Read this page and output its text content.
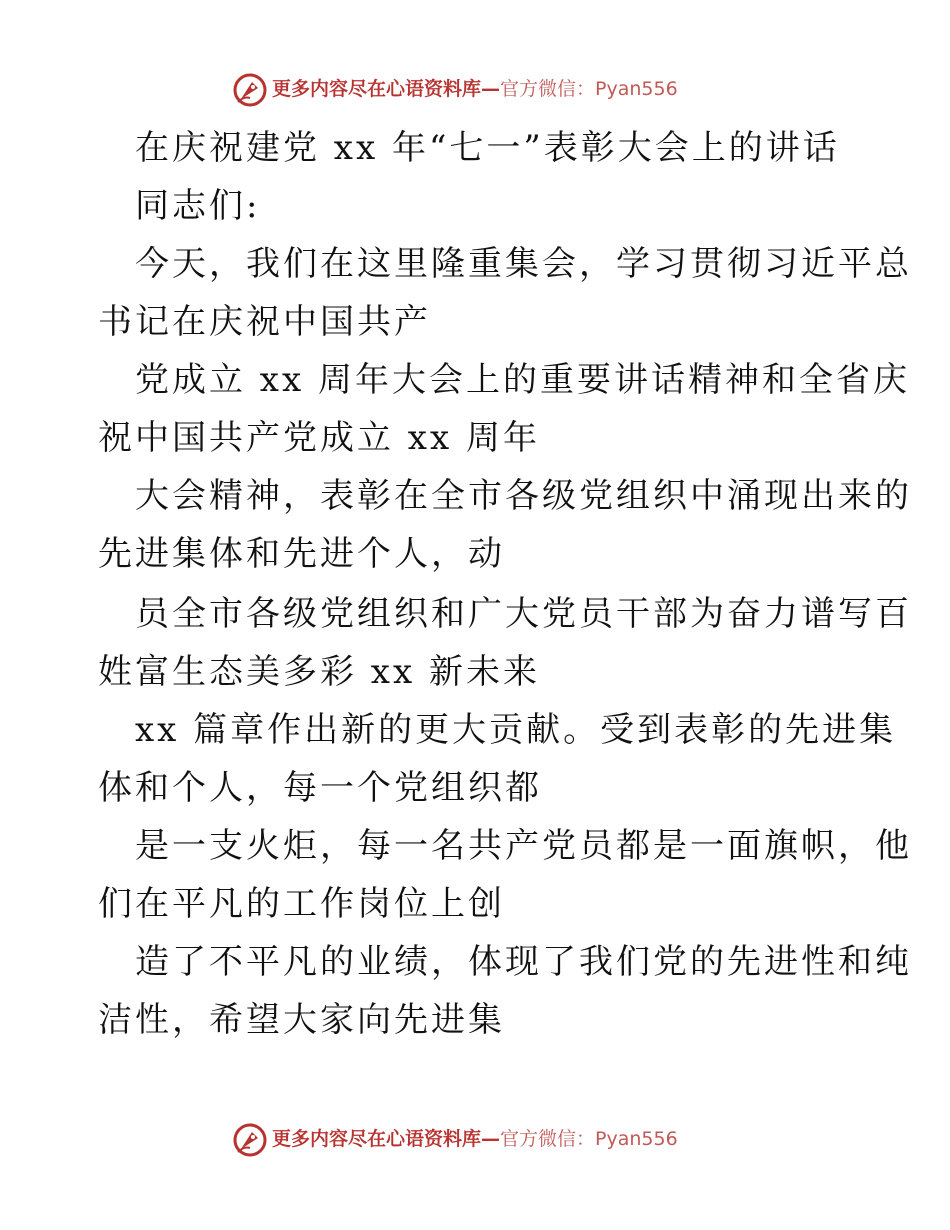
更多内容尽在心语资料库—官方微信：Pyan556
在庆祝建党 xx 年“七一”表彰大会上的讲话
同志们:
今天，我们在这里隆重集会，学习贯彻习近平总
书记在庆祝中国共产
党成立 xx 周年大会上的重要讲话精神和全省庆
祝中国共产党成立 xx 周年
大会精神，表彰在全市各级党组织中涌现出来的
先进集体和先进个人，动
员全市各级党组织和广大党员干部为奋力谱写百
姓富生态美多彩 xx 新未来
xx 篇章作出新的更大贡献。受到表彰的先进集
体和个人，每一个党组织都
是一支火炬，每一名共产党员都是一面旗帜，他
们在平凡的工作岗位上创
造了不平凡的业绩，体现了我们党的先进性和纯
洁性，希望大家向先进集
更多内容尽在心语资料库—官方微信：Pyan556
